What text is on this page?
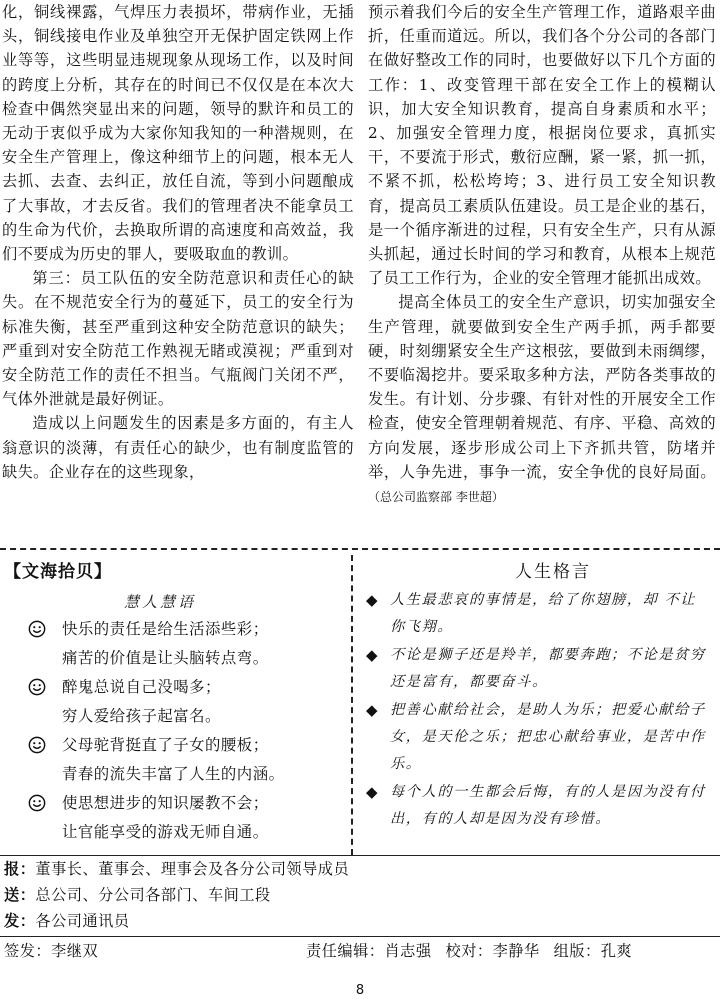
化，铜线裸露，气焊压力表损坏，带病作业，无插头，铜线接电作业及单独空开无保护固定铁网上作业等等，这些明显违规现象从现场工作，以及时间的跨度上分析，其存在的时间已不仅仅是在本次大检查中偶然突显出来的问题，领导的默许和员工的无动于衷似乎成为大家你知我知的一种潜规则，在安全生产管理上，像这种细节上的问题，根本无人去抓、去查、去纠正，放任自流，等到小问题酿成了大事故，才去反省。我们的管理者决不能拿员工的生命为代价，去换取所谓的高速度和高效益，我们不要成为历史的罪人，要吸取血的教训。

第三：员工队伍的安全防范意识和责任心的缺失。在不规范安全行为的蔓延下，员工的安全行为标准失衡，甚至严重到这种安全防范意识的缺失；严重到对安全防范工作熟视无睹或漠视；严重到对安全防范工作的责任不担当。气瓶阀门关闭不严，气体外泄就是最好例证。

造成以上问题发生的因素是多方面的，有主人翁意识的淡薄，有责任心的缺少，也有制度监管的缺失。企业存在的这些现象，

预示着我们今后的安全生产管理工作，道路艰辛曲折，任重而道远。所以，我们各个分公司的各部门在做好整改工作的同时，也要做好以下几个方面的工作：1、改变管理干部在安全工作上的模糊认识，加大安全知识教育，提高自身素质和水平；2、加强安全管理力度，根据岗位要求，真抓实干，不要流于形式，敷衍应酬，紧一紧，抓一抓，不紧不抓，松松垮垮；3、进行员工安全知识教育，提高员工素质队伍建设。员工是企业的基石，是一个循序渐进的过程，只有安全生产，只有从源头抓起，通过长时间的学习和教育，从根本上规范了员工工作行为，企业的安全管理才能抓出成效。

提高全体员工的安全生产意识，切实加强安全生产管理，就要做到安全生产两手抓，两手都要硬，时刻绷紧安全生产这根弦，要做到未雨绸缪，不要临渴挖井。要采取多种方法，严防各类事故的发生。有计划、分步骤、有针对性的开展安全工作检查，使安全管理朝着规范、有序、平稳、高效的方向发展，逐步形成公司上下齐抓共管，防堵并举，人争先进，事争一流，安全争优的良好局面。（总公司监察部 李世超）

【文海拾贝】
慧人慧语
快乐的责任是给生活添些彩；
痛苦的价值是让头脑转点弯。
醉鬼总说自己没喝多；
穷人爱给孩子起富名。
父母驼背挺直了子女的腰板；
青春的流失丰富了人生的内涵。
使思想进步的知识屡教不会；
让官能享受的游戏无师自通。
人生格言
◆ 人生最悲哀的事情是，给了你翅膀，却 不让你飞翔。
◆ 不论是狮子还是羚羊，都要奔跑；不论是贫穷还是富有，都要奋斗。
◆ 把善心献给社会，是助人为乐；把爱心献给子女，是天伦之乐；把忠心献给事业，是苦中作乐。
◆ 每个人的一生都会后悔，有的人是因为没有付出，有的人却是因为没有珍惜。
报：董事长、董事会、理事会及各分公司领导成员
送：总公司、分公司各部门、车间工段
发：各公司通讯员
签发：李继双	责任编辑：肖志强 校对：李静华 组版：孔爽
8
